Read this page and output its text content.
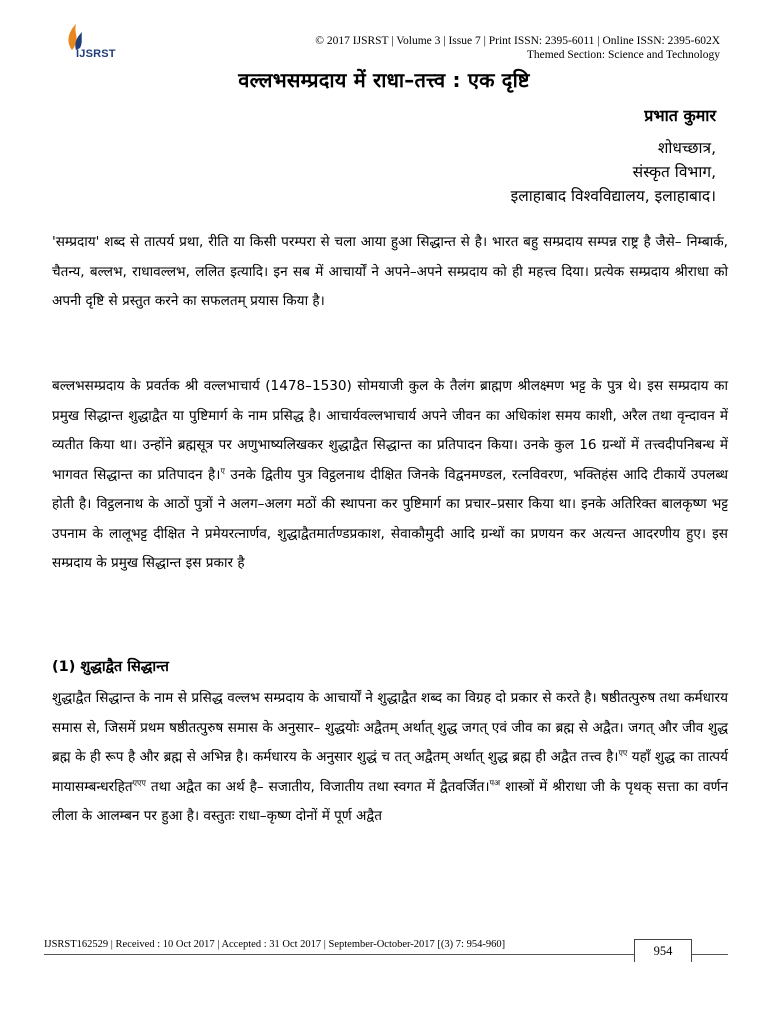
IJSRST
© 2017 IJSRST | Volume 3 | Issue 7 | Print ISSN: 2395-6011 | Online ISSN: 2395-602X
Themed Section: Science and Technology
वल्लभसम्प्रदाय में राधा–तत्त्व : एक दृष्टि
प्रभात कुमार
शोधच्छात्र,
संस्कृत विभाग,
इलाहाबाद विश्वविद्यालय, इलाहाबाद।
'सम्प्रदाय' शब्द से तात्पर्य प्रथा, रीति या किसी परम्परा से चला आया हुआ सिद्धान्त से है। भारत बहु सम्प्रदाय सम्पन्न राष्ट्र है जैसे– निम्बार्क, चैतन्य, बल्लभ, राधावल्लभ, ललित इत्यादि। इन सब में आचार्यों ने अपने–अपने सम्प्रदाय को ही महत्त्व दिया। प्रत्येक सम्प्रदाय श्रीराधा को अपनी दृष्टि से प्रस्तुत करने का सफलतम् प्रयास किया है।
बल्लभसम्प्रदाय के प्रवर्तक श्री वल्लभाचार्य (1478–1530) सोमयाजी कुल के तैलंग ब्राह्मण श्रीलक्ष्मण भट्ट के पुत्र थे। इस सम्प्रदाय का प्रमुख सिद्धान्त शुद्धाद्वैत या पुष्टिमार्ग के नाम प्रसिद्ध है। आचार्यवल्लभाचार्य अपने जीवन का अधिकांश समय काशी, अरैल तथा वृन्दावन में व्यतीत किया था। उन्होंने ब्रह्मसूत्र पर अणुभाष्यलिखकर शुद्धाद्वैत सिद्धान्त का प्रतिपादन किया। उनके कुल 16 ग्रन्थों में तत्त्वदीपनिबन्ध में भागवत सिद्धान्त का प्रतिपादन है।$^ए$ उनके द्वितीय पुत्र विट्ठलनाथ दीक्षित जिनके विद्वनमण्डल, रत्नविवरण, भक्तिहंस आदि टीकायें उपलब्ध होती है। विट्ठलनाथ के आठों पुत्रों ने अलग–अलग मठों की स्थापना कर पुष्टिमार्ग का प्रचार–प्रसार किया था। इनके अतिरिक्त बालकृष्ण भट्ट उपनाम के लालूभट्ट दीक्षित ने प्रमेयरत्नार्णव, शुद्धाद्वैतमार्तण्डप्रकाश, सेवाकौमुदी आदि ग्रन्थों का प्रणयन कर अत्यन्त आदरणीय हुए। इस सम्प्रदाय के प्रमुख सिद्धान्त इस प्रकार है
(1) शुद्धाद्वैत सिद्धान्त
शुद्धाद्वैत सिद्धान्त के नाम से प्रसिद्ध वल्लभ सम्प्रदाय के आचार्यों ने शुद्धाद्वैत शब्द का विग्रह दो प्रकार से करते है। षष्ठीतत्पुरुष तथा कर्मधारय समास से, जिसमें प्रथम षष्ठीतत्पुरुष समास के अनुसार– शुद्धयोः अद्वैतम् अर्थात् शुद्ध जगत् एवं जीव का ब्रह्म से अद्वैत। जगत् और जीव शुद्ध ब्रह्म के ही रूप है और ब्रह्म से अभिन्न है। कर्मधारय के अनुसार शुद्धं च तत् अद्वैतम् अर्थात् शुद्ध ब्रह्म ही अद्वैत तत्त्व है।$^{एए}$ यहाँ शुद्ध का तात्पर्य मायासम्बन्धरहित$^{एएए}$ तथा अद्वैत का अर्थ है– सजातीय, विजातीय तथा स्वगत में द्वैतवर्जित।$^{पअ}$ शास्त्रों में श्रीराधा जी के पृथक् सत्ता का वर्णन लीला के आलम्बन पर हुआ है। वस्तुतः राधा–कृष्ण दोनों में पूर्ण अद्वैत
IJSRST162529 | Received : 10 Oct 2017 | Accepted : 31 Oct 2017 | September-October-2017 [(3) 7: 954-960]	954
